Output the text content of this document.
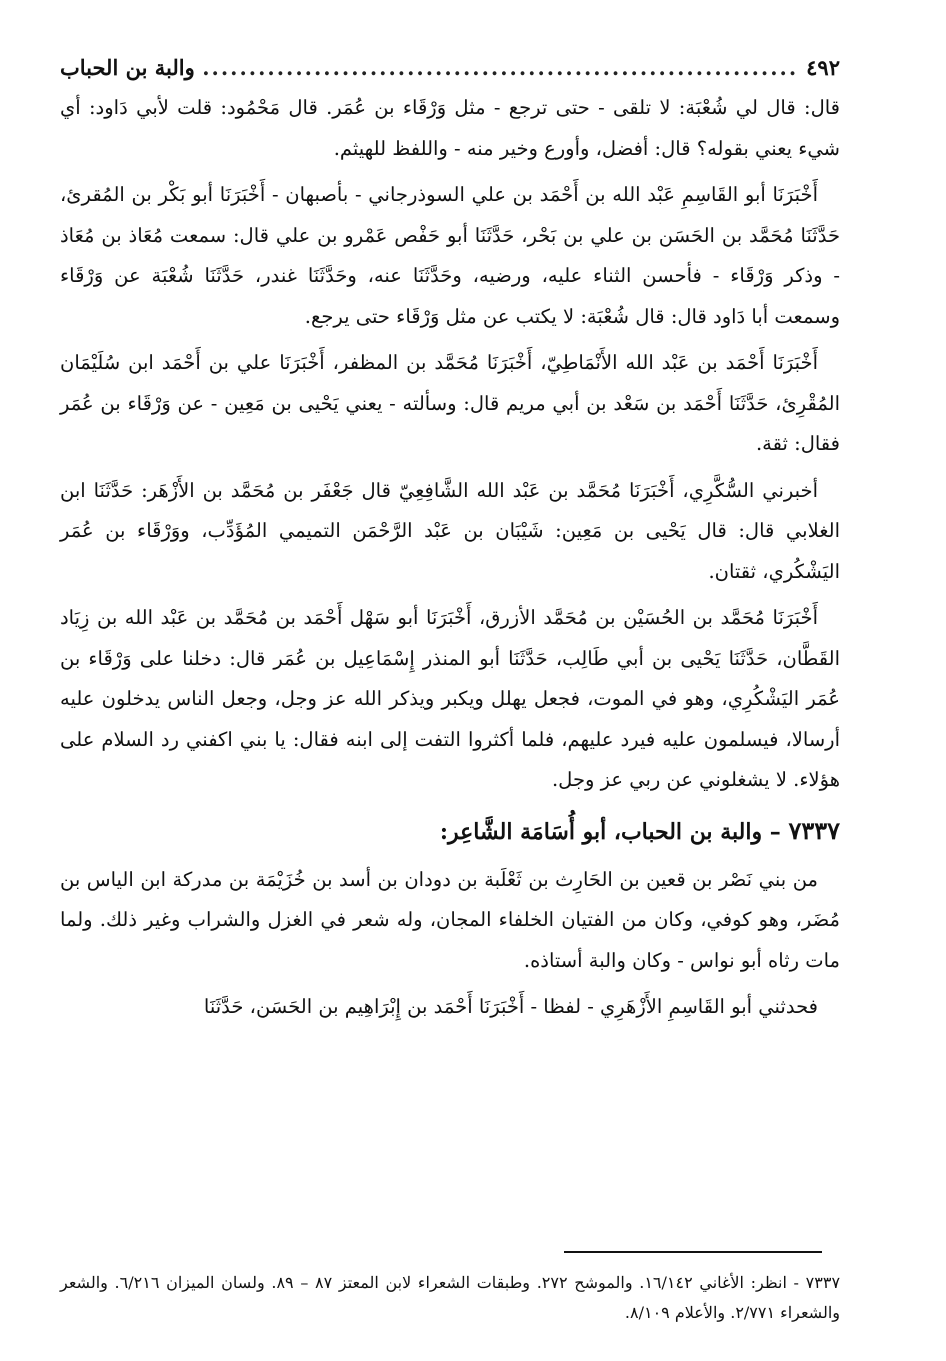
٤٩٢
.....
والبة بن الحباب

قال: قال لي شُعْبَة: لا تلقى - حتى ترجع - مثل وَرْقَاء بن عُمَر. قال مَحْمُود: قلت لأبي دَاود: أي شيء يعني بقوله؟ قال: أفضل، وأورع وخير منه - واللفظ للهيثم.

أَخْبَرَنَا أبو القَاسِمِ عَبْد الله بن أَحْمَد بن علي السوذرجاني - بأصبهان - أَخْبَرَنَا أبو بَكْر بن المُقرئ، حَدَّثَنَا مُحَمَّد بن الحَسَن بن علي بن بَحْر، حَدَّثَنَا أبو حَفْص عَمْرو بن علي قال: سمعت مُعَاذ بن مُعَاذ - وذكر وَرْقَاء - فأحسن الثناء عليه، ورضيه، وحَدَّثَنَا عنه، وحَدَّثَنَا غندر، حَدَّثَنَا شُعْبَة عن وَرْقَاء وسمعت أبا دَاود قال: قال شُعْبَة: لا يكتب عن مثل وَرْقَاء حتى يرجع.

أَخْبَرَنَا أَحْمَد بن عَبْد الله الأَنْمَاطِيّ، أَخْبَرَنَا مُحَمَّد بن المظفر، أَخْبَرَنَا علي بن أَحْمَد ابن سُلَيْمَان المُقْرِئ، حَدَّثَنَا أَحْمَد بن سَعْد بن أبي مريم قال: وسألته - يعني يَحْيى بن مَعِين - عن وَرْقَاء بن عُمَر فقال: ثقة.

أخبرني السُّكَّرِي، أَخْبَرَنَا مُحَمَّد بن عَبْد الله الشَّافِعِيّ قال جَعْفَر بن مُحَمَّد بن الأَزْهَر: حَدَّثَنَا ابن الغلابي قال: قال يَحْيى بن مَعِين: شَيْبَان بن عَبْد الرَّحْمَن التميمي المُؤَدِّب، ووَرْقَاء بن عُمَر اليَشْكُري، ثقتان.

أَخْبَرَنَا مُحَمَّد بن الحُسَيْن بن مُحَمَّد الأزرق، أَخْبَرَنَا أبو سَهْل أَحْمَد بن مُحَمَّد بن عَبْد الله بن زِيَاد القَطَّان، حَدَّثَنَا يَحْيى بن أبي طَالِب، حَدَّثَنَا أبو المنذر إِسْمَاعِيل بن عُمَر قال: دخلنا على وَرْقَاء بن عُمَر اليَشْكُرِي، وهو في الموت، فجعل يهلل ويكبر ويذكر الله عز وجل، وجعل الناس يدخلون عليه أرسالا، فيسلمون عليه فيرد عليهم، فلما أكثروا التفت إلى ابنه فقال: يا بني اكفني رد السلام على هؤلاء. لا يشغلوني عن ربي عز وجل.

٧٣٣٧ – والبة بن الحباب، أبو أُسَامَة الشَّاعِر:

من بني نَصْر بن قعين بن الحَارِث بن ثَعْلَبة بن دودان بن أسد بن خُزَيْمَة بن مدركة ابن الياس بن مُضَر، وهو كوفي، وكان من الفتيان الخلفاء المجان، وله شعر في الغزل والشراب وغير ذلك. ولما مات رثاه أبو نواس - وكان والبة أستاذه.

فحدثني أبو القَاسِمِ الأَزْهَرِي - لفظا - أَخْبَرَنَا أَحْمَد بن إِبْرَاهِيم بن الحَسَن، حَدَّثَنَا

٧٣٣٧ - انظر: الأغاني ١٦/١٤٢. والموشح ٢٧٢. وطبقات الشعراء لابن المعتز ٨٧ – ٨٩. ولسان الميزان ٦/٢١٦. والشعر والشعراء ٢/٧٧١. والأعلام ٨/١٠٩.
